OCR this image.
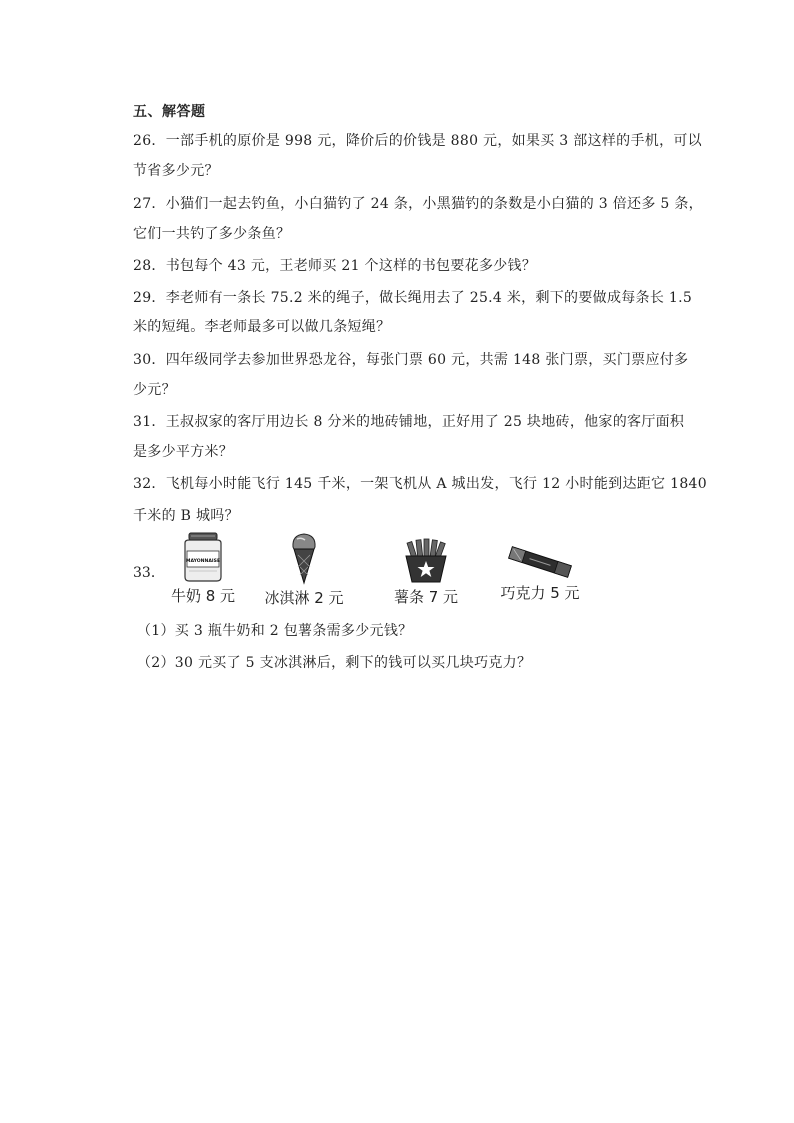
五、解答题
26．一部手机的原价是 998 元，降价后的价钱是 880 元，如果买 3 部这样的手机，可以
节省多少元？
27．小猫们一起去钓鱼，小白猫钓了 24 条，小黑猫钓的条数是小白猫的 3 倍还多 5 条，
它们一共钓了多少条鱼？
28．书包每个 43 元，王老师买 21 个这样的书包要花多少钱？
29．李老师有一条长 75.2 米的绳子，做长绳用去了 25.4 米，剩下的要做成每条长 1.5
米的短绳。李老师最多可以做几条短绳？
30．四年级同学去参加世界恐龙谷，每张门票 60 元，共需 148 张门票，买门票应付多
少元？
31．王叔叔家的客厅用边长 8 分米的地砖铺地，正好用了 25 块地砖，他家的客厅面积
是多少平方米？
32．飞机每小时能飞行 145 千米，一架飞机从 A 城出发，飞行 12 小时能到达距它 1840
千米的 B 城吗？
33．
MAYONNAISE
牛奶 8 元	冰淇淋 2 元	薯条 7 元	巧克力 5 元
（1）买 3 瓶牛奶和 2 包薯条需多少元钱？
（2）30 元买了 5 支冰淇淋后，剩下的钱可以买几块巧克力？
